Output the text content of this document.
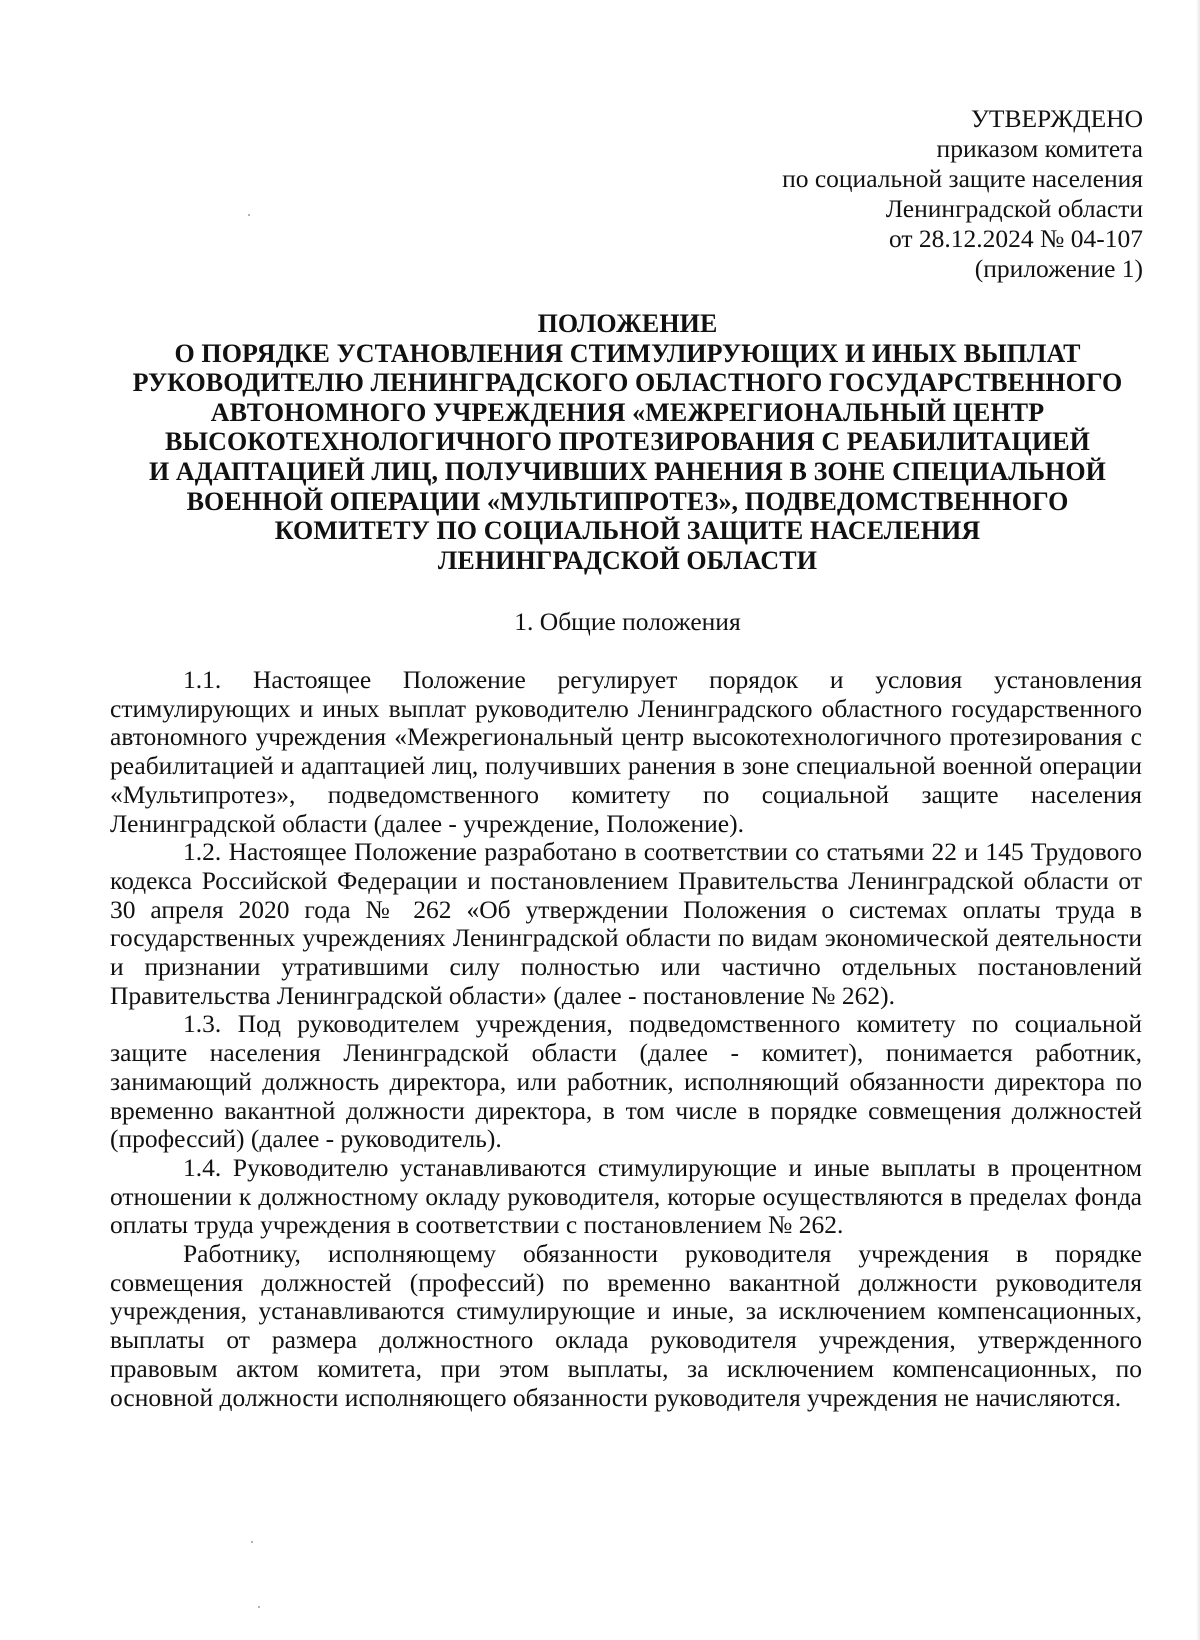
УТВЕРЖДЕНО
приказом комитета
по социальной защите населения
Ленинградской области
от 28.12.2024 № 04-107
(приложение 1)
ПОЛОЖЕНИЕ
О ПОРЯДКЕ УСТАНОВЛЕНИЯ СТИМУЛИРУЮЩИХ И ИНЫХ ВЫПЛАТ
РУКОВОДИТЕЛЮ ЛЕНИНГРАДСКОГО ОБЛАСТНОГО ГОСУДАРСТВЕННОГО
АВТОНОМНОГО УЧРЕЖДЕНИЯ «МЕЖРЕГИОНАЛЬНЫЙ ЦЕНТР
ВЫСОКОТЕХНОЛОГИЧНОГО ПРОТЕЗИРОВАНИЯ С РЕАБИЛИТАЦИЕЙ
И АДАПТАЦИЕЙ ЛИЦ, ПОЛУЧИВШИХ РАНЕНИЯ В ЗОНЕ СПЕЦИАЛЬНОЙ
ВОЕННОЙ ОПЕРАЦИИ «МУЛЬТИПРОТЕЗ», ПОДВЕДОМСТВЕННОГО
КОМИТЕТУ ПО СОЦИАЛЬНОЙ ЗАЩИТЕ НАСЕЛЕНИЯ
ЛЕНИНГРАДСКОЙ ОБЛАСТИ
1. Общие положения

1.1. Настоящее Положение регулирует порядок и условия установления стимулирующих и иных выплат руководителю Ленинградского областного государственного автономного учреждения «Межрегиональный центр высокотехнологичного протезирования с реабилитацией и адаптацией лиц, получивших ранения в зоне специальной военной операции «Мультипротез», подведомственного комитету по социальной защите населения Ленинградской области (далее - учреждение, Положение).

1.2. Настоящее Положение разработано в соответствии со статьями 22 и 145 Трудового кодекса Российской Федерации и постановлением Правительства Ленинградской области от 30 апреля 2020 года № 262 «Об утверждении Положения о системах оплаты труда в государственных учреждениях Ленинградской области по видам экономической деятельности и признании утратившими силу полностью или частично отдельных постановлений Правительства Ленинградской области» (далее - постановление № 262).

1.3. Под руководителем учреждения, подведомственного комитету по социальной защите населения Ленинградской области (далее - комитет), понимается работник, занимающий должность директора, или работник, исполняющий обязанности директора по временно вакантной должности директора, в том числе в порядке совмещения должностей (профессий) (далее - руководитель).

1.4. Руководителю устанавливаются стимулирующие и иные выплаты в процентном отношении к должностному окладу руководителя, которые осуществляются в пределах фонда оплаты труда учреждения в соответствии с постановлением № 262.

Работнику, исполняющему обязанности руководителя учреждения в порядке совмещения должностей (профессий) по временно вакантной должности руководителя учреждения, устанавливаются стимулирующие и иные, за исключением компенсационных, выплаты от размера должностного оклада руководителя учреждения, утвержденного правовым актом комитета, при этом выплаты, за исключением компенсационных, по основной должности исполняющего обязанности руководителя учреждения не начисляются.
